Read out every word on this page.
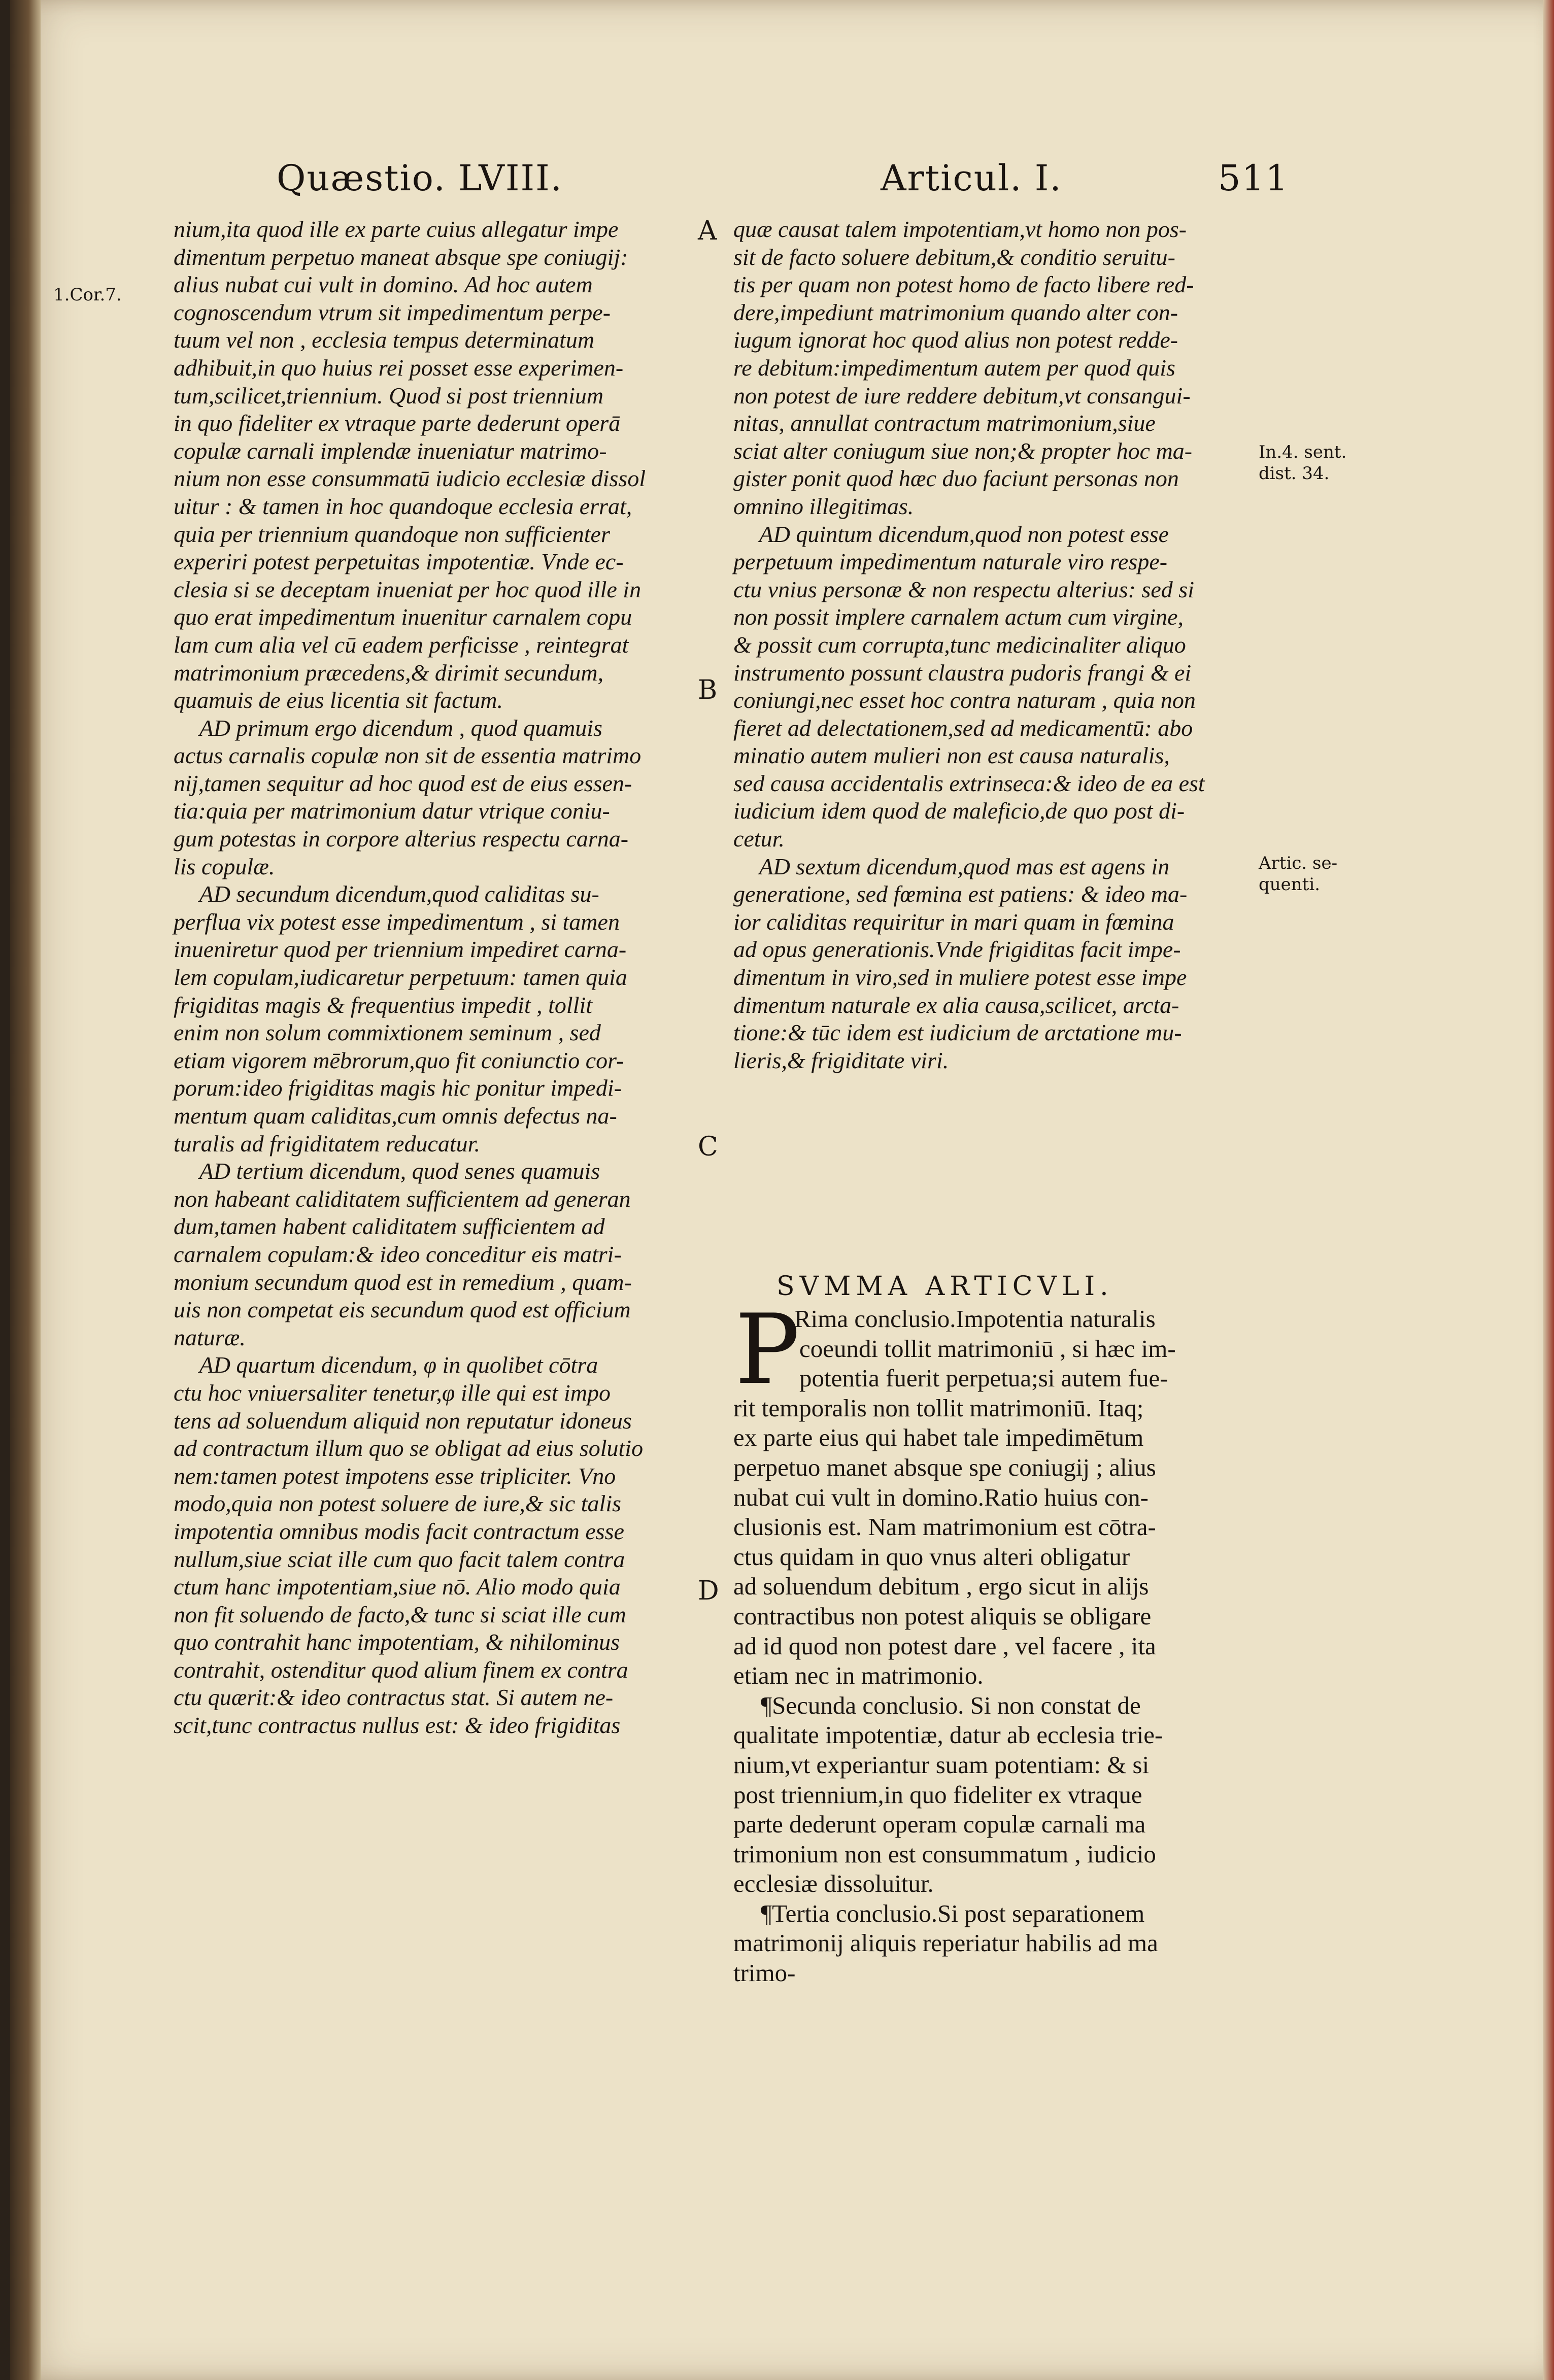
Quæstio. LVIII.	Articul. I.	511

1.Cor.7.

In.4. sent.

dist. 34.

Artic. se-

quenti.

A
B
C
D

nium,ita quod ille ex parte cuius allegatur impe

dimentum perpetuo maneat absque spe coniugij:

alius nubat cui vult in domino. Ad hoc autem

cognoscendum vtrum sit impedimentum perpe-

tuum vel non , ecclesia tempus determinatum

adhibuit,in quo huius rei posset esse experimen-

tum,scilicet,triennium. Quod si post triennium

in quo fideliter ex vtraque parte dederunt operā

copulæ carnali implendæ inueniatur matrimo-

nium non esse consummatū iudicio ecclesiæ dissol

uitur : & tamen in hoc quandoque ecclesia errat,

quia per triennium quandoque non sufficienter

experiri potest perpetuitas impotentiæ. Vnde ec-

clesia si se deceptam inueniat per hoc quod ille in

quo erat impedimentum inuenitur carnalem copu

lam cum alia vel cū eadem perficisse , reintegrat

matrimonium præcedens,& dirimit secundum,

quamuis de eius licentia sit factum.

AD primum ergo dicendum , quod quamuis

actus carnalis copulæ non sit de essentia matrimo

nij,tamen sequitur ad hoc quod est de eius essen-

tia:quia per matrimonium datur vtrique coniu-

gum potestas in corpore alterius respectu carna-

lis copulæ.

AD secundum dicendum,quod caliditas su-

perflua vix potest esse impedimentum , si tamen

inueniretur quod per triennium impediret carna-

lem copulam,iudicaretur perpetuum: tamen quia

frigiditas magis & frequentius impedit , tollit

enim non solum commixtionem seminum , sed

etiam vigorem mēbrorum,quo fit coniunctio cor-

porum:ideo frigiditas magis hic ponitur impedi-

mentum quam caliditas,cum omnis defectus na-

turalis ad frigiditatem reducatur.

AD tertium dicendum, quod senes quamuis

non habeant caliditatem sufficientem ad generan

dum,tamen habent caliditatem sufficientem ad

carnalem copulam:& ideo conceditur eis matri-

monium secundum quod est in remedium , quam-

uis non competat eis secundum quod est officium

naturæ.

AD quartum dicendum, φ in quolibet cōtra

ctu hoc vniuersaliter tenetur,φ ille qui est impo

tens ad soluendum aliquid non reputatur idoneus

ad contractum illum quo se obligat ad eius solutio

nem:tamen potest impotens esse tripliciter. Vno

modo,quia non potest soluere de iure,& sic talis

impotentia omnibus modis facit contractum esse

nullum,siue sciat ille cum quo facit talem contra

ctum hanc impotentiam,siue nō. Alio modo quia

non fit soluendo de facto,& tunc si sciat ille cum

quo contrahit hanc impotentiam, & nihilominus

contrahit, ostenditur quod alium finem ex contra

ctu quærit:& ideo contractus stat. Si autem ne-

scit,tunc contractus nullus est: & ideo frigiditas

quæ causat talem impotentiam,vt homo non pos-

sit de facto soluere debitum,& conditio seruitu-

tis per quam non potest homo de facto libere red-

dere,impediunt matrimonium quando alter con-

iugum ignorat hoc quod alius non potest redde-

re debitum:impedimentum autem per quod quis

non potest de iure reddere debitum,vt consangui-

nitas, annullat contractum matrimonium,siue

sciat alter coniugum siue non;& propter hoc ma-

gister ponit quod hæc duo faciunt personas non

omnino illegitimas.

AD quintum dicendum,quod non potest esse

perpetuum impedimentum naturale viro respe-

ctu vnius personæ & non respectu alterius: sed si

non possit implere carnalem actum cum virgine,

& possit cum corrupta,tunc medicinaliter aliquo

instrumento possunt claustra pudoris frangi & ei

coniungi,nec esset hoc contra naturam , quia non

fieret ad delectationem,sed ad medicamentū: abo

minatio autem mulieri non est causa naturalis,

sed causa accidentalis extrinseca:& ideo de ea est

iudicium idem quod de maleficio,de quo post di-

cetur.

AD sextum dicendum,quod mas est agens in

generatione, sed fœmina est patiens: & ideo ma-

ior caliditas requiritur in mari quam in fœmina

ad opus generationis.Vnde frigiditas facit impe-

dimentum in viro,sed in muliere potest esse impe

dimentum naturale ex alia causa,scilicet, arcta-

tione:& tūc idem est iudicium de arctatione mu-

lieris,& frigiditate viri.

SVMMA ARTICVLI.
P

Rima conclusio.Impotentia naturalis

coeundi tollit matrimoniū , si hæc im-

potentia fuerit perpetua;si autem fue-

rit temporalis non tollit matrimoniū. Itaq;

ex parte eius qui habet tale impedimētum

perpetuo manet absque spe coniugij ; alius

nubat cui vult in domino.Ratio huius con-

clusionis est. Nam matrimonium est cōtra-

ctus quidam in quo vnus alteri obligatur

ad soluendum debitum , ergo sicut in alijs

contractibus non potest aliquis se obligare

ad id quod non potest dare , vel facere , ita

etiam nec in matrimonio.

¶Secunda conclusio. Si non constat de

qualitate impotentiæ, datur ab ecclesia trie-

nium,vt experiantur suam potentiam: & si

post triennium,in quo fideliter ex vtraque

parte dederunt operam copulæ carnali ma

trimonium non est consummatum , iudicio

ecclesiæ dissoluitur.

¶Tertia conclusio.Si post separationem

matrimonij aliquis reperiatur habilis ad ma

trimo-
